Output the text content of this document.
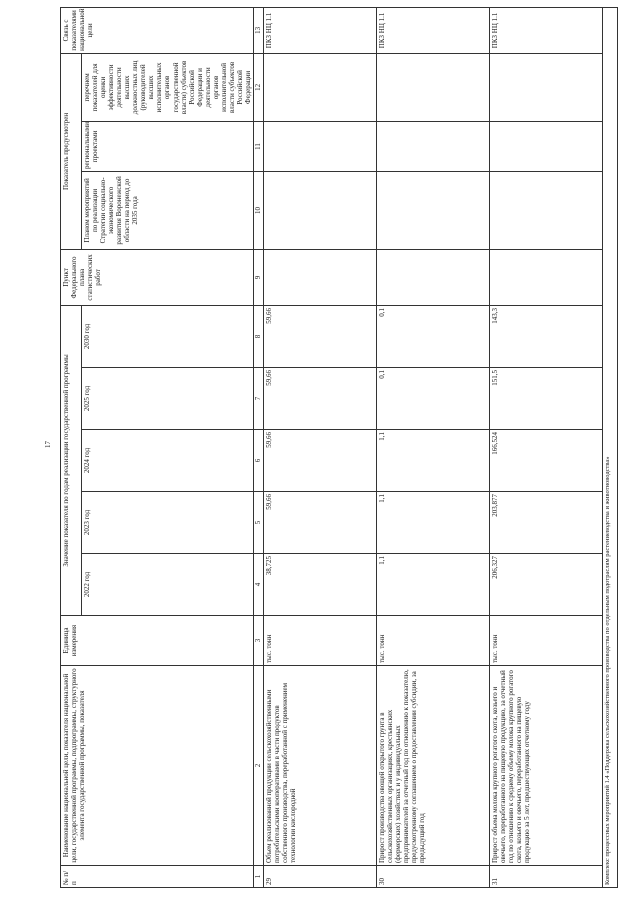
17
№ п/п	Наименование национальной цели, показателя национальной цели, государственной программы, подпрограммы, структурного элемента государственной программы, показателя	Единица измерения	Значение показателя по годам реализации государственной программы					Пункт Федерального плана статистических работ	Показатель предусмотрен			Связь с показателями национальной цели
			2022 год	2023 год	2024 год	2025 год	2030 год		Планом мероприятий по реализации Стратегии социально-экономического развития Воронежской области на период до 2035 года	региональными проектами	перечнем показателей для оценки эффективности деятельности высших должностных лиц (руководителей высших исполнительных органов государственной власти) субъектов Российской Федерации и деятельности органов исполнительной власти субъектов Российской Федерации	
1	2	3	4	5	6	7	8	9	10	11	12	13
29	Объем реализованной продукции сельскохозяйственными потребительскими кооперативами в части продуктов собственного производства, переработанной с применением технологии кислородной	тыс. тонн	38,725	59,66	59,66	59,66	59,66					ПКЗ НЦ 1.1
30	Прирост производства овощей открытого грунта в сельскохозяйственных организациях, крестьянских (фермерских) хозяйствах и у индивидуальных предпринимателей за отчетный год по отношению к показателю, предусмотренному соглашением о предоставлении субсидии, за предыдущий год	тыс. тонн	1,1	1,1	1,1	0,1	0,1					ПКЗ НЦ 1.1
31	Прирост объема молока крупного рогатого скота, козьего и овечьего, переработанного на пищевую продукцию, за отчетный год по отношению к среднему объему молока крупного рогатого скота, козьего и овечьего, переработанного на пищевую продукцию за 5 лет, предшествующих отчетному году	тыс. тонн	206,327	203,877	166,524	151,5	143,3					ПКЗ НЦ 1.1
Комплекс процессных мероприятий 1.4 «Поддержка сельскохозяйственного производства по отдельным подотраслям растениеводства и животноводства»												
